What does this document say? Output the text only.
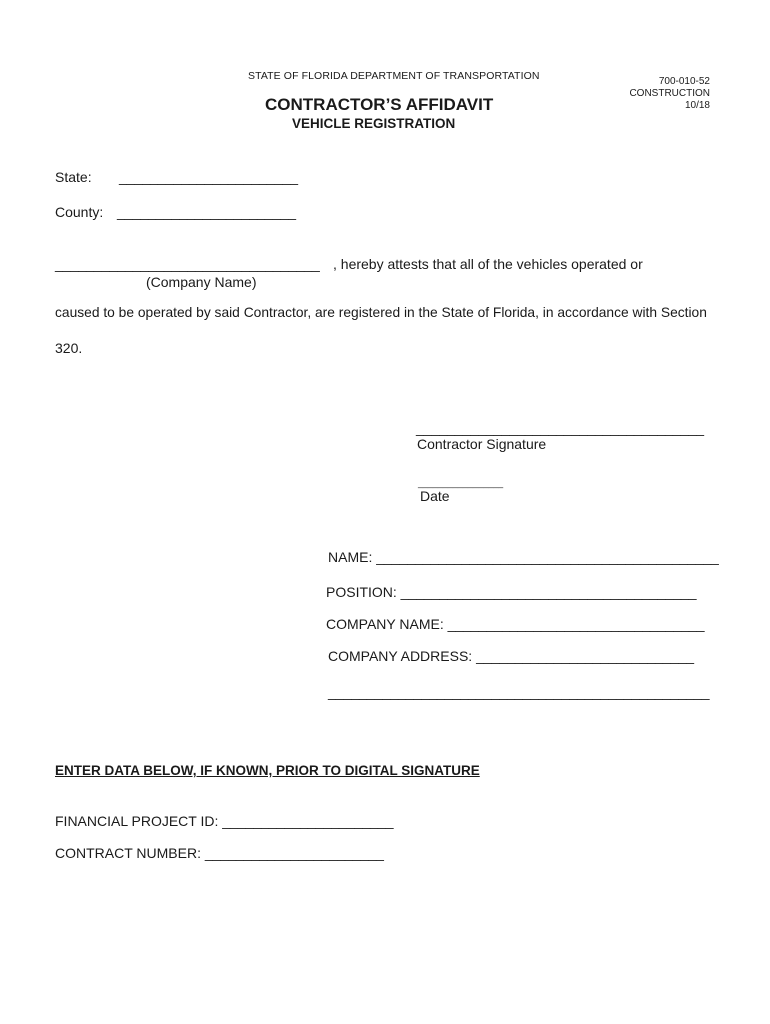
STATE OF FLORIDA DEPARTMENT OF TRANSPORTATION	700-010-52
CONSTRUCTION
10/18
CONTRACTOR’S AFFIDAVIT
VEHICLE REGISTRATION
State: _______________________
County: _______________________
__________________________________ , hereby attests that all of the vehicles operated or
(Company Name)
caused to be operated by said Contractor, are registered in the State of Florida, in accordance with Section
320.
_____________________________________
Contractor Signature
_________________
Date
NAME: ____________________________________________
POSITION: ______________________________________
COMPANY NAME: _________________________________
COMPANY ADDRESS: ____________________________
_________________________________________________
ENTER DATA BELOW, IF KNOWN, PRIOR TO DIGITAL SIGNATURE
FINANCIAL PROJECT ID: ______________________
CONTRACT NUMBER: _______________________
